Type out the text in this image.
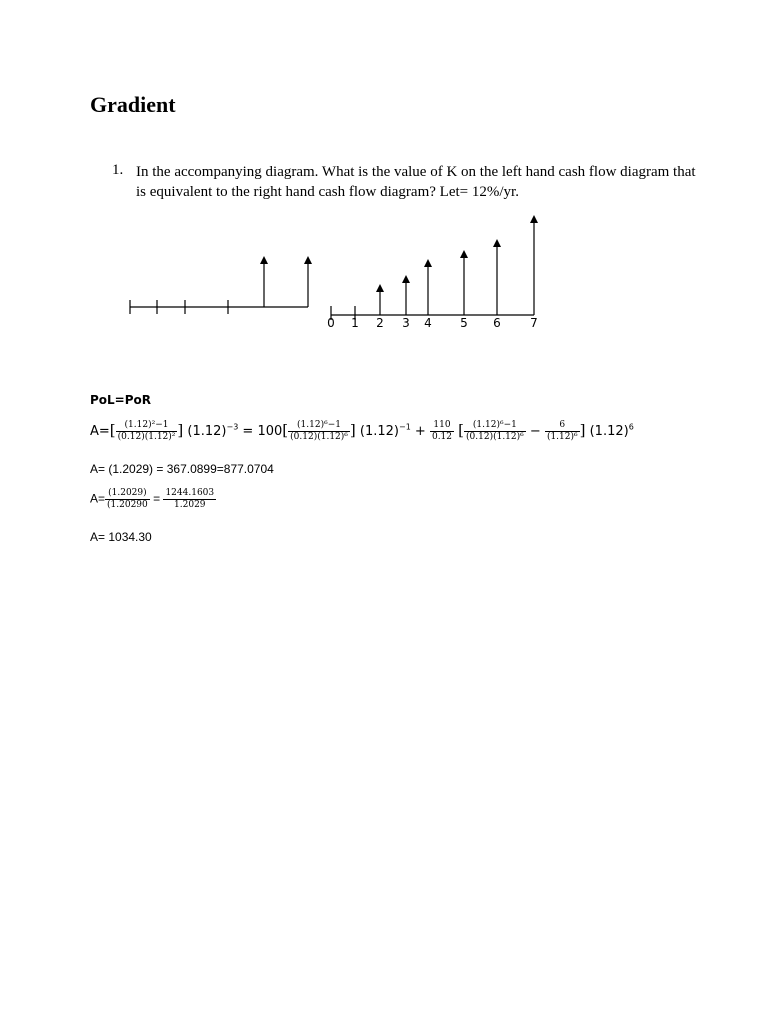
Gradient
1. In the accompanying diagram. What is the value of K on the left hand cash flow diagram that is equivalent to the right hand cash flow diagram? Let= 12%/yr.
0 1 2 3 4 5 6 7
PoL=PoR
$A=[ \frac{\text{(1.12)²−1}}{\text{(0.12)(1.12)²}}$ ] $(1.12)^{-3} = 100[ \frac{\text{(1.12)⁶−1}}{\text{(0.12)(1.12)⁶}}$ ] $(1.12)^{-1} + \frac{110}{0.12}$ [ $\frac{\text{(1.12)⁶−1}}{\text{(0.12)(1.12)⁶}} - \frac{6}{\text{(1.12)⁶}}$ ] $(1.12)^6$
A= (1.2029) = 367.0899=877.0704
$A= \frac{(1.2029)}{(1.20290} = \frac{1244.1603}{1.2029}$
A= 1034.30
